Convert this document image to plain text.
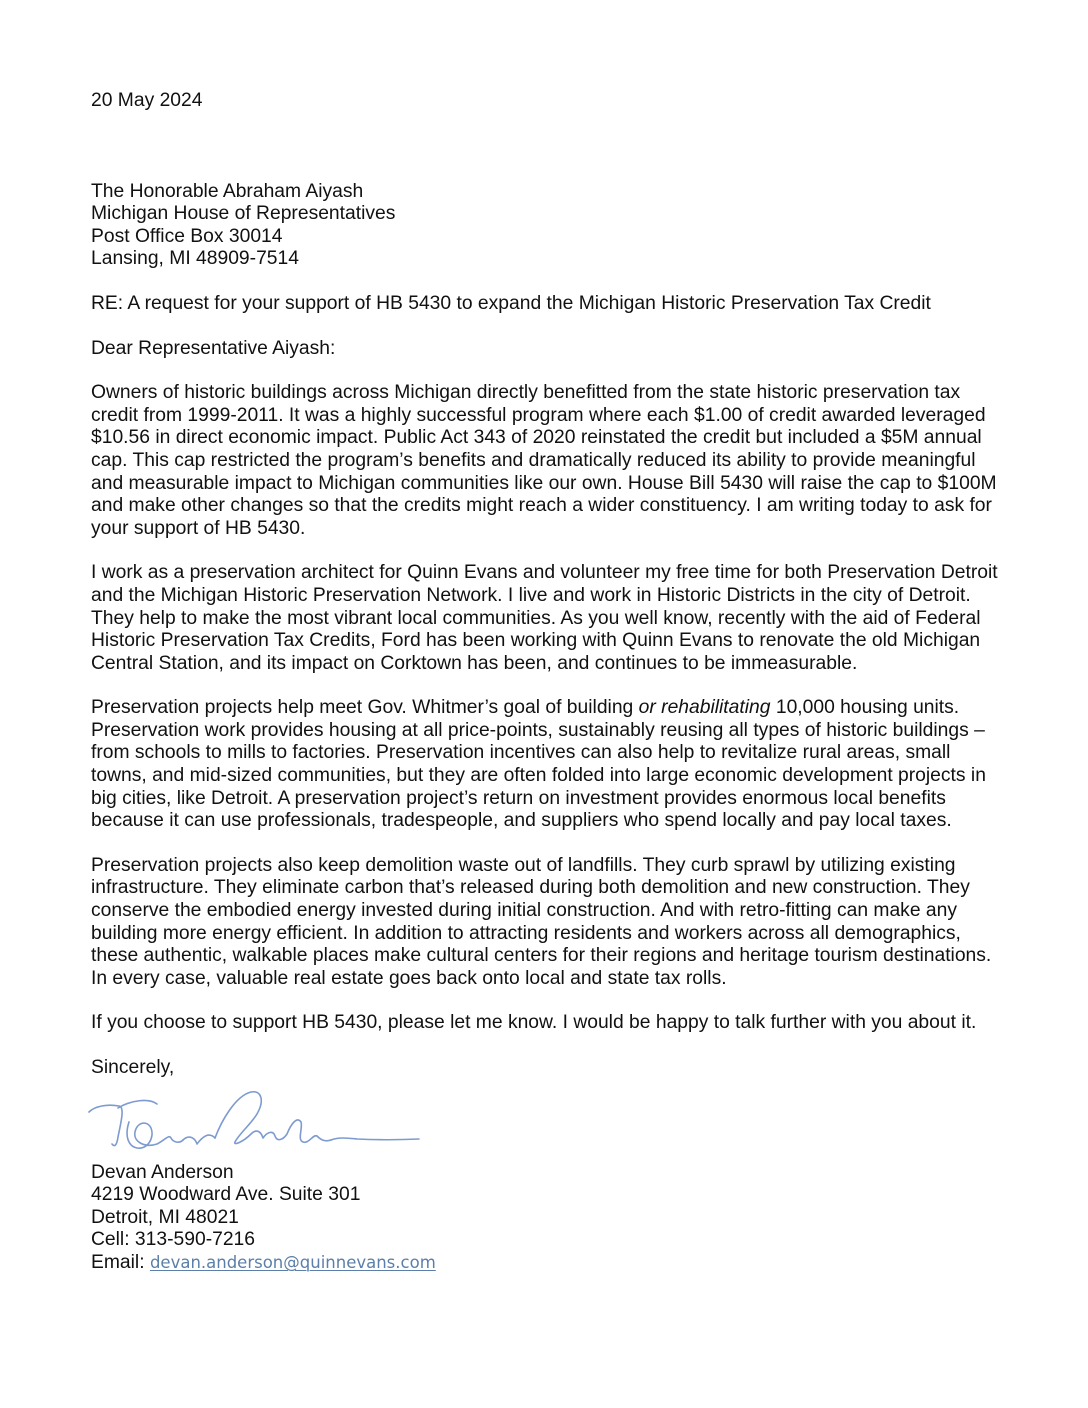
20 May 2024
The Honorable Abraham Aiyash
Michigan House of Representatives
Post Office Box 30014
Lansing, MI 48909-7514
RE: A request for your support of HB 5430 to expand the Michigan Historic Preservation Tax Credit
Dear Representative Aiyash:

Owners of historic buildings across Michigan directly benefitted from the state historic preservation tax credit from 1999-2011. It was a highly successful program where each $1.00 of credit awarded leveraged $10.56 in direct economic impact. Public Act 343 of 2020 reinstated the credit but included a $5M annual cap. This cap restricted the program’s benefits and dramatically reduced its ability to provide meaningful and measurable impact to Michigan communities like our own. House Bill 5430 will raise the cap to $100M and make other changes so that the credits might reach a wider constituency. I am writing today to ask for your support of HB 5430.

I work as a preservation architect for Quinn Evans and volunteer my free time for both Preservation Detroit and the Michigan Historic Preservation Network. I live and work in Historic Districts in the city of Detroit. They help to make the most vibrant local communities. As you well know, recently with the aid of Federal Historic Preservation Tax Credits, Ford has been working with Quinn Evans to renovate the old Michigan Central Station, and its impact on Corktown has been, and continues to be immeasurable.

Preservation projects help meet Gov. Whitmer’s goal of building or rehabilitating 10,000 housing units. Preservation work provides housing at all price-points, sustainably reusing all types of historic buildings – from schools to mills to factories. Preservation incentives can also help to revitalize rural areas, small towns, and mid-sized communities, but they are often folded into large economic development projects in big cities, like Detroit. A preservation project’s return on investment provides enormous local benefits because it can use professionals, tradespeople, and suppliers who spend locally and pay local taxes.

Preservation projects also keep demolition waste out of landfills. They curb sprawl by utilizing existing infrastructure. They eliminate carbon that’s released during both demolition and new construction. They conserve the embodied energy invested during initial construction. And with retro-fitting can make any building more energy efficient. In addition to attracting residents and workers across all demographics, these authentic, walkable places make cultural centers for their regions and heritage tourism destinations. In every case, valuable real estate goes back onto local and state tax rolls.

If you choose to support HB 5430, please let me know. I would be happy to talk further with you about it.

Sincerely,
Devan Anderson
4219 Woodward Ave. Suite 301
Detroit, MI 48021
Cell: 313-590-7216
Email: devan.anderson@quinnevans.com
